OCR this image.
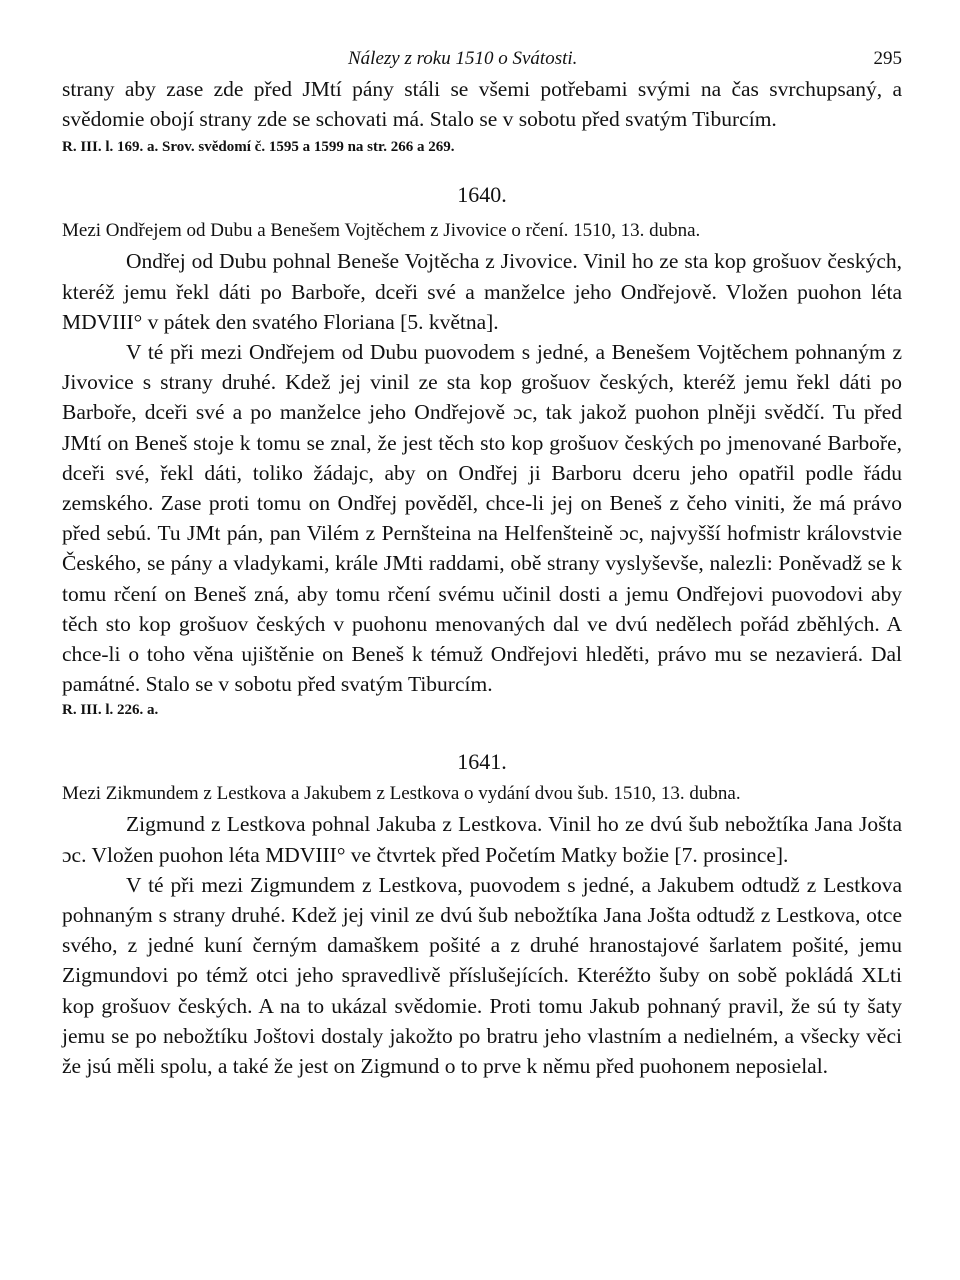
Nálezy z roku 1510 o Svátosti.	295

strany aby zase zde před JMtí pány stáli se všemi potřebami svými na čas svrchupsaný, a svědomie obojí strany zde se schovati má. Stalo se v sobotu před svatým Tiburcím.

R. III. l. 169. a. Srov. svědomí č. 1595 a 1599 na str. 266 a 269.

1640.

Mezi Ondřejem od Dubu a Benešem Vojtěchem z Jivovice o rčení. 1510, 13. dubna.

Ondřej od Dubu pohnal Beneše Vojtěcha z Jivovice. Vinil ho ze sta kop grošuov českých, kteréž jemu řekl dáti po Barboře, dceři své a manželce jeho Ondřejově. Vložen puohon léta MDVIII° v pátek den svatého Floriana [5. května].

V té při mezi Ondřejem od Dubu puovodem s jedné, a Benešem Vojtěchem pohnaným z Jivovice s strany druhé. Kdež jej vinil ze sta kop grošuov českých, kteréž jemu řekl dáti po Barboře, dceři své a po manželce jeho Ondřejově ɔc, tak jakož puohon plněji svědčí. Tu před JMtí on Beneš stoje k tomu se znal, že jest těch sto kop grošuov českých po jmenované Barboře, dceři své, řekl dáti, toliko žádajc, aby on Ondřej ji Barboru dceru jeho opatřil podle řádu zemského. Zase proti tomu on Ondřej pověděl, chce-li jej on Beneš z čeho viniti, že má právo před sebú. Tu JMt pán, pan Vilém z Pernšteina na Helfenšteině ɔc, najvyšší hofmistr královstvie Českého, se pány a vladykami, krále JMti raddami, obě strany vyslyševše, nalezli: Poněvadž se k tomu rčení on Beneš zná, aby tomu rčení svému učinil dosti a jemu Ondřejovi puovodovi aby těch sto kop grošuov českých v puohonu menovaných dal ve dvú nedělech pořád zběhlých. A chce-li o toho věna ujištěnie on Beneš k témuž Ondřejovi hleděti, právo mu se nezavierá. Dal památné. Stalo se v sobotu před svatým Tiburcím.

R. III. l. 226. a.

1641.

Mezi Zikmundem z Lestkova a Jakubem z Lestkova o vydání dvou šub. 1510, 13. dubna.

Zigmund z Lestkova pohnal Jakuba z Lestkova. Vinil ho ze dvú šub nebožtíka Jana Jošta ɔc. Vložen puohon léta MDVIII° ve čtvrtek před Početím Matky božie [7. prosince].

V té při mezi Zigmundem z Lestkova, puovodem s jedné, a Jakubem odtudž z Lestkova pohnaným s strany druhé. Kdež jej vinil ze dvú šub nebožtíka Jana Jošta odtudž z Lestkova, otce svého, z jedné kuní černým damaškem pošité a z druhé hranostajové šarlatem pošité, jemu Zigmundovi po témž otci jeho spravedlivě příslušejících. Kteréžto šuby on sobě pokládá XLti kop grošuov českých. A na to ukázal svědomie. Proti tomu Jakub pohnaný pravil, že sú ty šaty jemu se po nebožtíku Joštovi dostaly jakožto po bratru jeho vlastním a nedielném, a všecky věci že jsú měli spolu, a také že jest on Zigmund o to prve k němu před puohonem neposielal.
